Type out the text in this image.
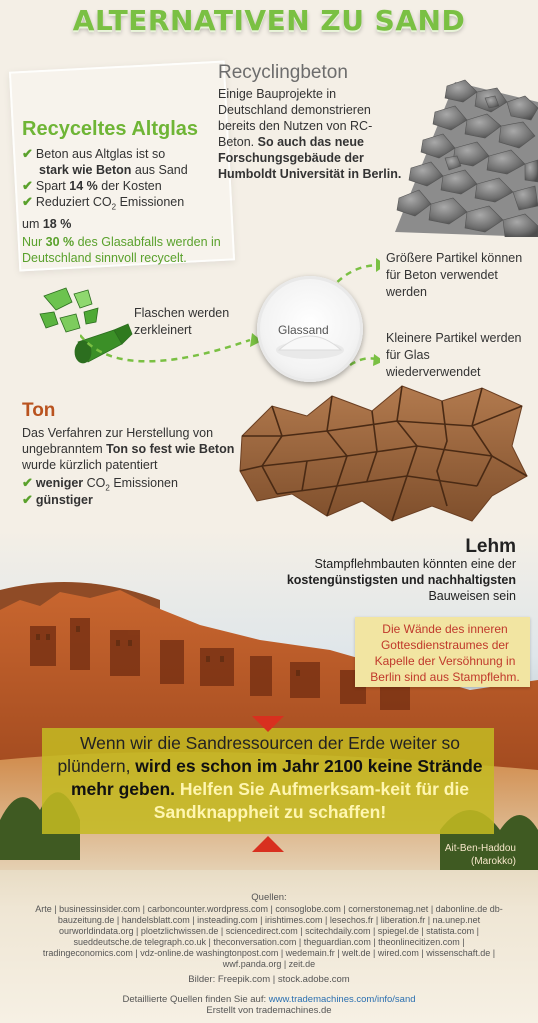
ALTERNATIVEN ZU SAND
Recyceltes Altglas
✔ Beton aus Altglas ist so
stark wie Beton aus Sand
✔ Spart 14 % der Kosten
✔ Reduziert $CO_2$ Emissionen
um 18 %
Nur 30 % des Glasabfalls werden in Deutschland sinnvoll recycelt.
Recyclingbeton
Einige Bauprojekte in Deutschland demonstrieren bereits den Nutzen von RC-Beton. So auch das neue Forschungsgebäude der Humboldt Universität in Berlin.
Flaschen werden zerkleinert	Glassand
Größere Partikel können für Beton verwendet werden
Kleinere Partikel werden für Glas wiederverwendet
Ton
Das Verfahren zur Herstellung von ungebranntem Ton so fest wie Beton wurde kürzlich patentiert
✔ weniger $CO_2$ Emissionen
✔ günstiger
Lehm
Stampflehmbauten könnten eine der kostengünstigsten und nachhaltigsten Bauweisen sein
Die Wände des inneren Gottesdienstraumes der Kapelle der Versöhnung in Berlin sind aus Stampflehm.
Wenn wir die Sandressourcen der Erde weiter so plündern, wird es schon im Jahr 2100 keine Strände mehr geben. Helfen Sie Aufmerksam-keit für die Sandknappheit zu schaffen!
Ait-Ben-Haddou
(Marokko)
Quellen:
Arte | businessinsider.com | carboncounter.wordpress.com | consoglobe.com | cornerstonemag.net | dabonline.de db-bauzeitung.de | handelsblatt.com | insteading.com | irishtimes.com | lesechos.fr | liberation.fr | na.unep.net ourworldindata.org | ploetzlichwissen.de | sciencedirect.com | scitechdaily.com | spiegel.de | statista.com | sueddeutsche.de telegraph.co.uk | theconversation.com | theguardian.com | theonlinecitizen.com | tradingeconomics.com | vdz-online.de washingtonpost.com | wedemain.fr | welt.de | wired.com | wissenschaft.de | wwf.panda.org | zeit.de
Bilder: Freepik.com | stock.adobe.com
Detaillierte Quellen finden Sie auf: www.trademachines.com/info/sand
Erstellt von trademachines.de
